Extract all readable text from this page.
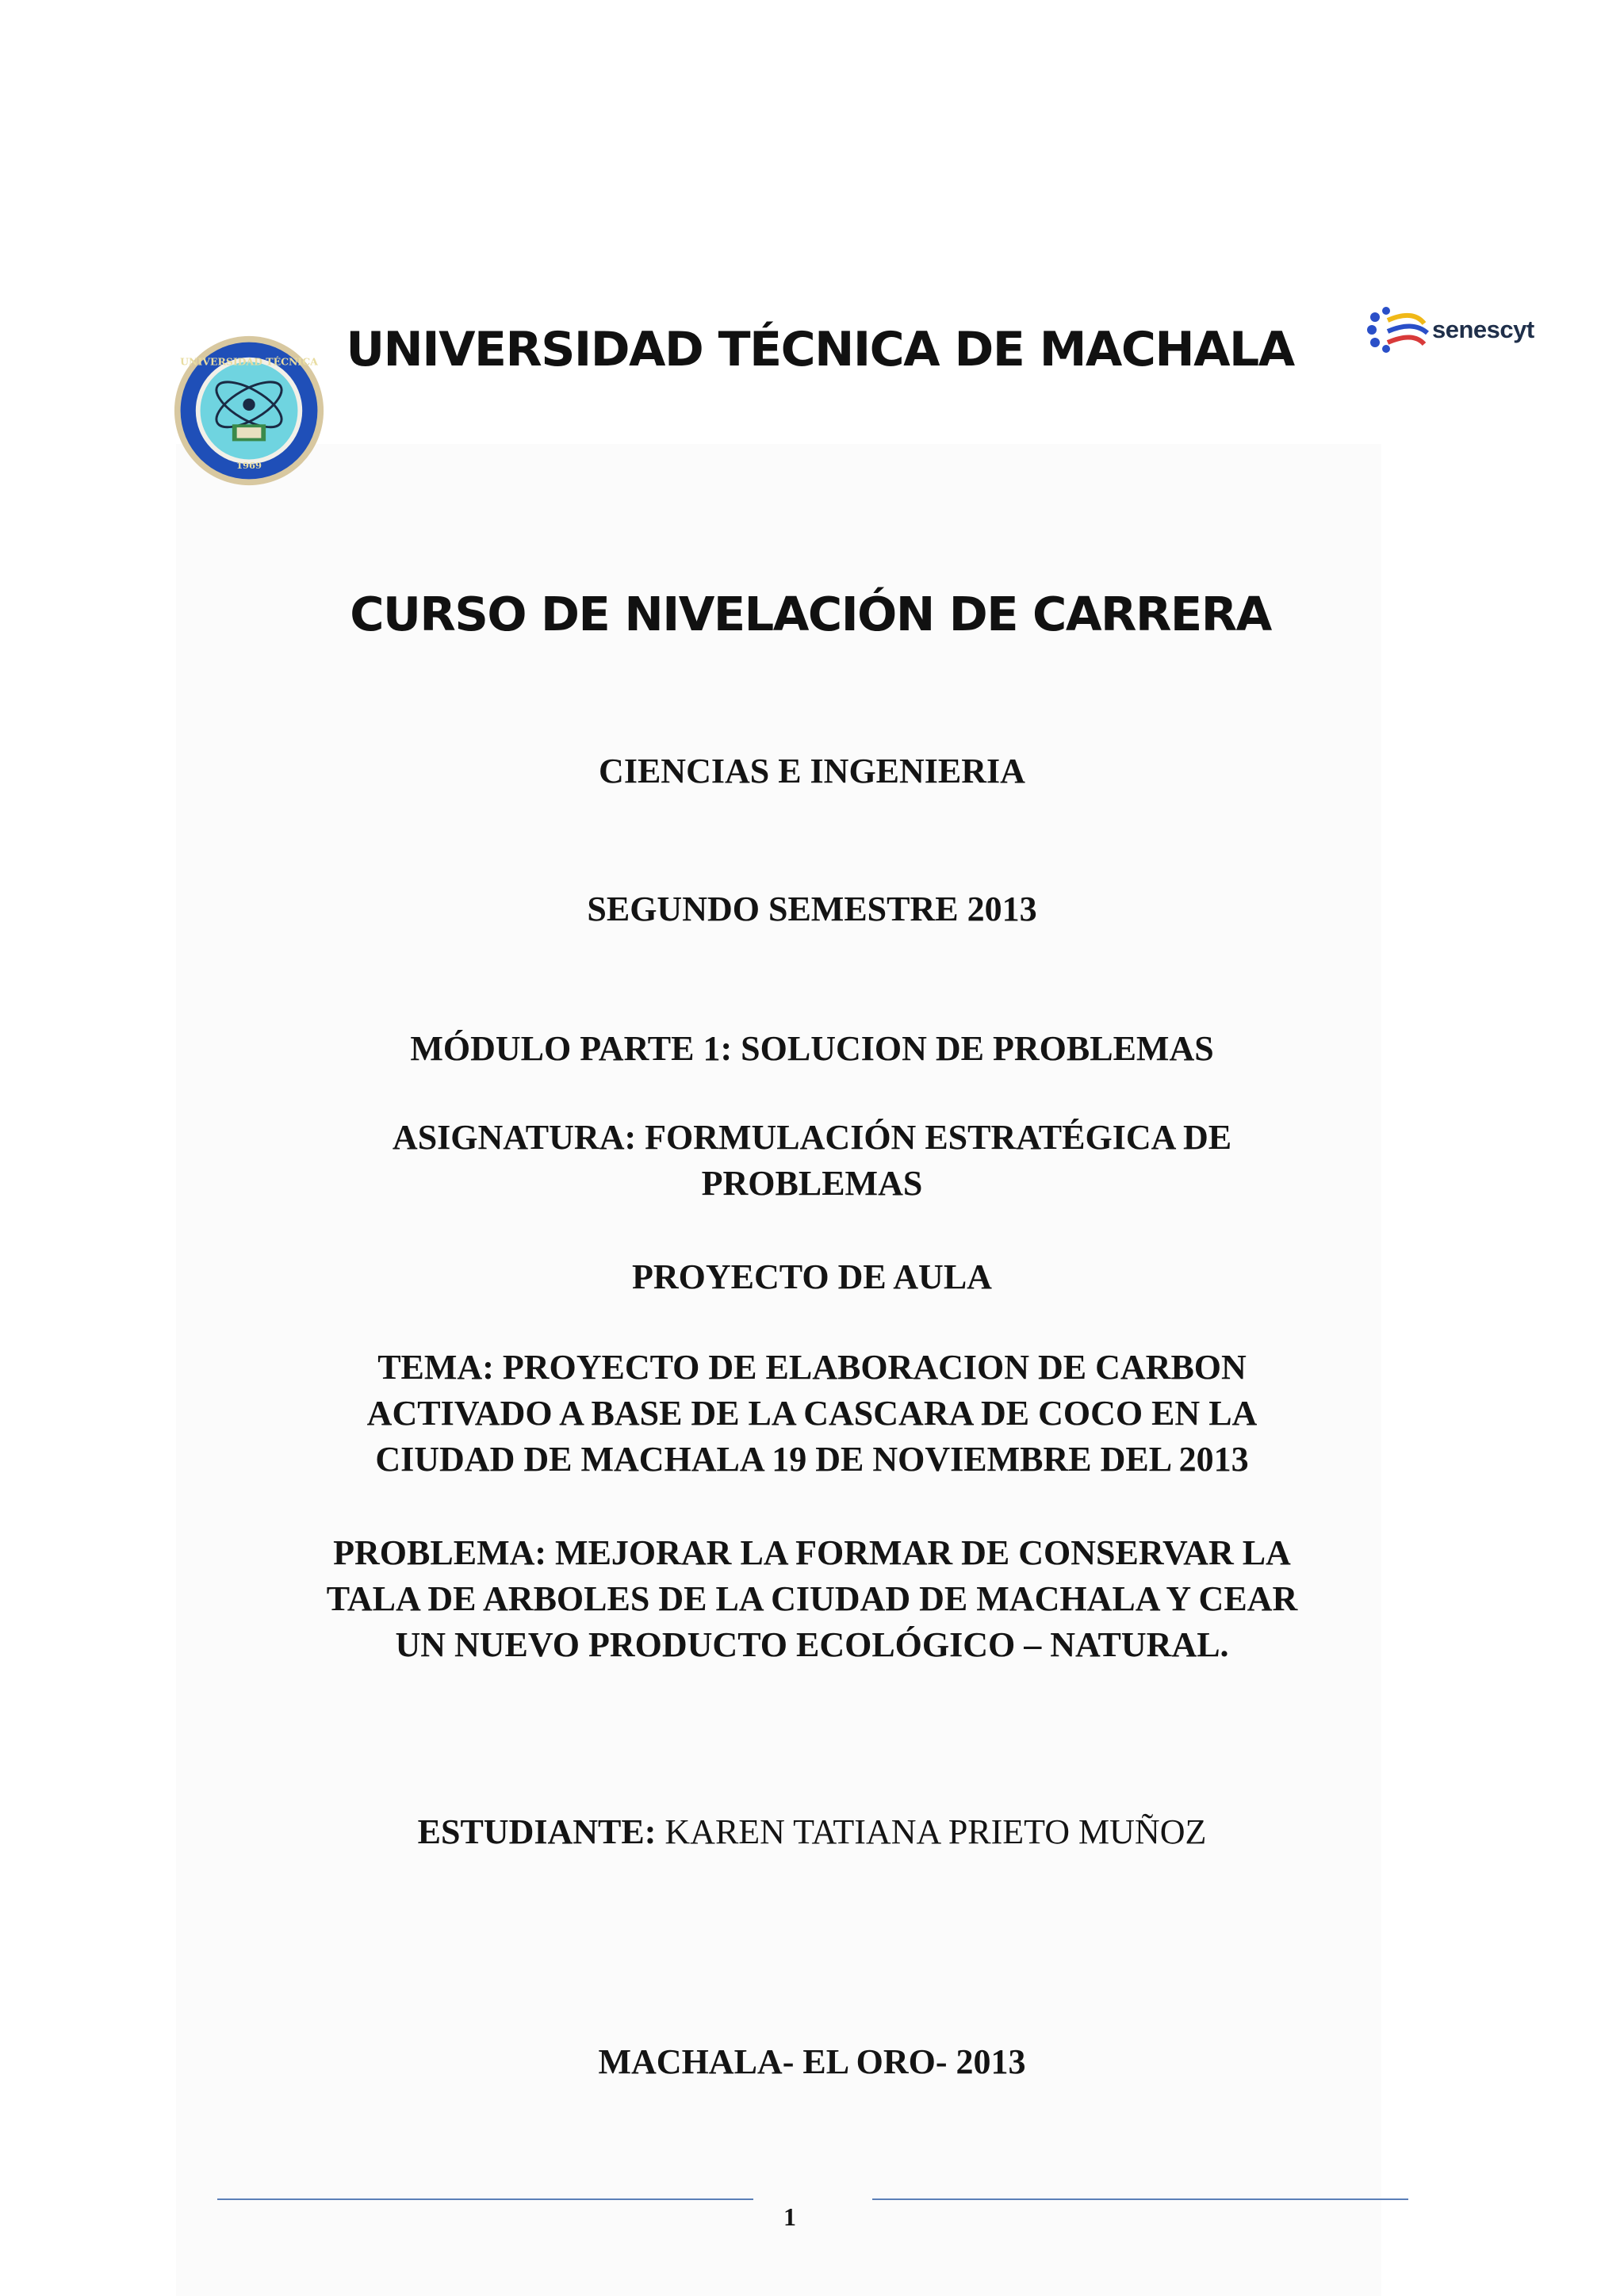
UNIVERSIDAD TÉCNICA
1969
senescyt
UNIVERSIDAD TÉCNICA DE MACHALA
CURSO DE NIVELACIÓN DE CARRERA
CIENCIAS E INGENIERIA
SEGUNDO SEMESTRE 2013
MÓDULO PARTE 1: SOLUCION DE PROBLEMAS
ASIGNATURA: FORMULACIÓN ESTRATÉGICA DE
PROBLEMAS
PROYECTO DE AULA
TEMA: PROYECTO DE ELABORACION DE CARBON
ACTIVADO A BASE DE LA CASCARA DE COCO EN LA
CIUDAD DE MACHALA 19 DE NOVIEMBRE DEL 2013
PROBLEMA: MEJORAR LA FORMAR DE CONSERVAR LA
TALA DE ARBOLES DE LA CIUDAD DE MACHALA Y CEAR
UN NUEVO PRODUCTO ECOLÓGICO – NATURAL.
ESTUDIANTE: KAREN TATIANA PRIETO MUÑOZ
MACHALA- EL ORO- 2013
1
